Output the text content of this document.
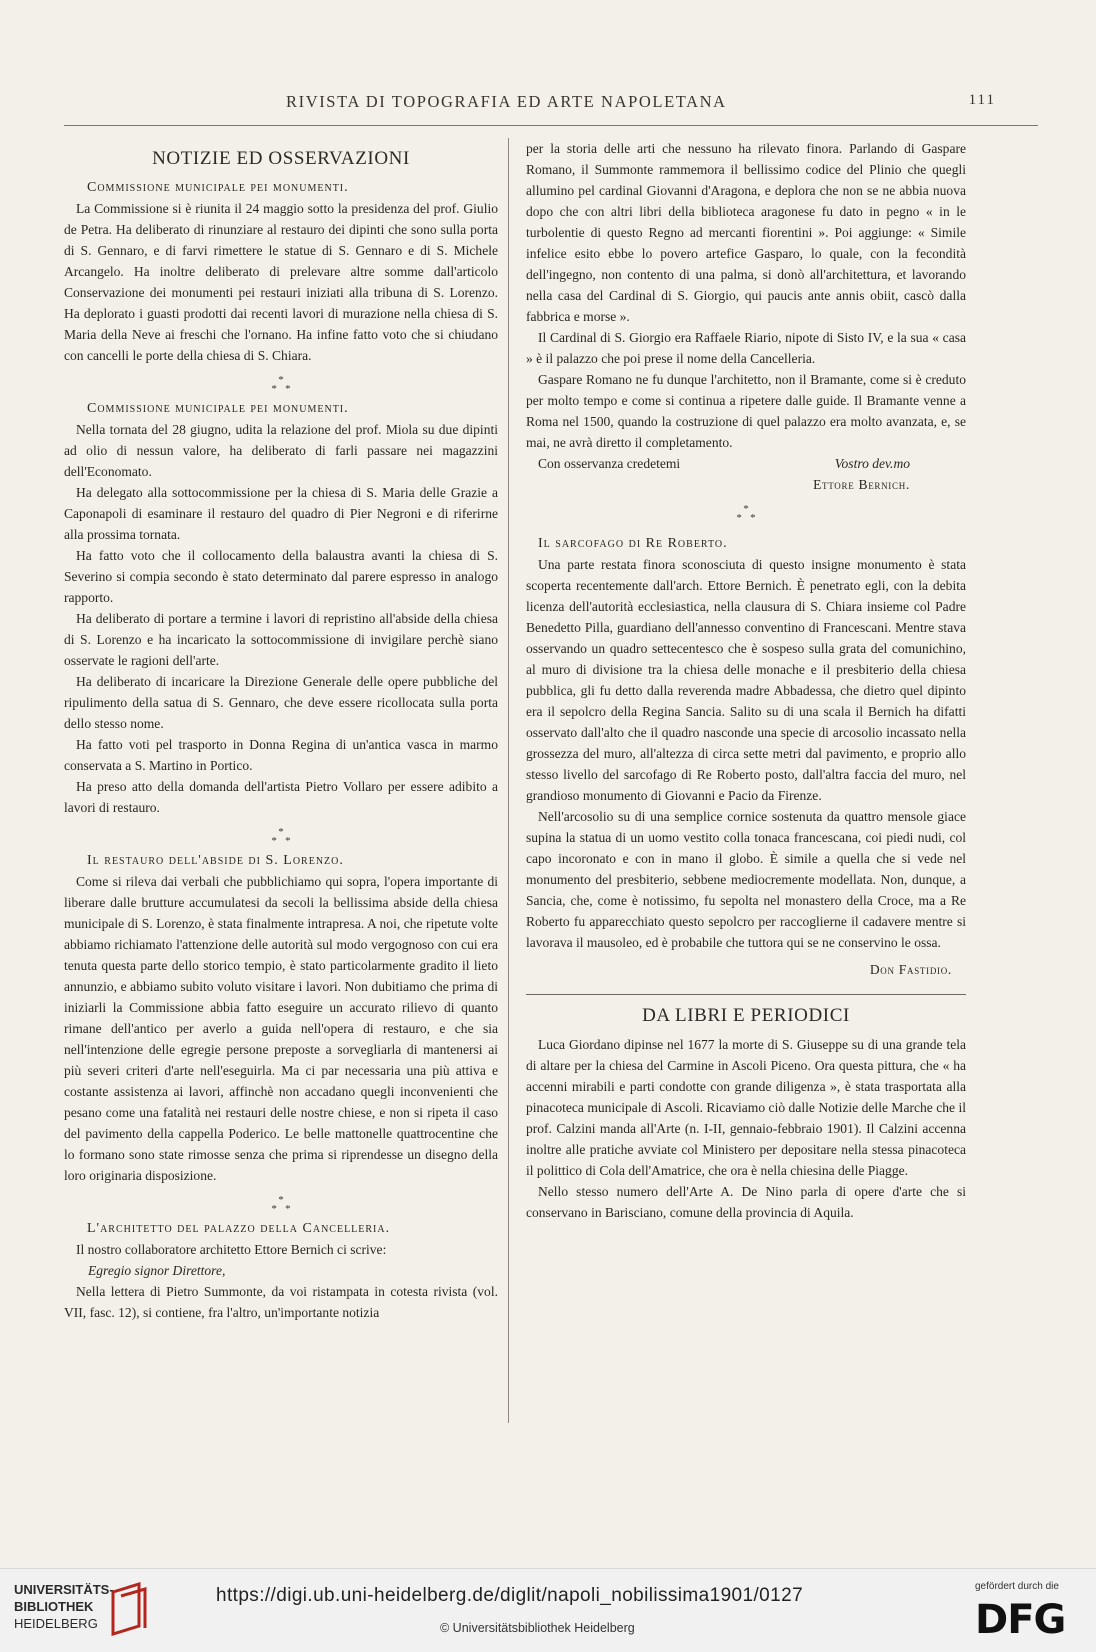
RIVISTA DI TOPOGRAFIA ED ARTE NAPOLETANA	111
NOTIZIE ED OSSERVAZIONI

Commissione municipale pei monumenti.

La Commissione si è riunita il 24 maggio sotto la presidenza del prof. Giulio de Petra. Ha deliberato di rinunziare al restauro dei dipinti che sono sulla porta di S. Gennaro, e di farvi rimettere le statue di S. Gennaro e di S. Michele Arcangelo. Ha inoltre deliberato di prelevare altre somme dall'articolo Conservazione dei monumenti pei restauri iniziati alla tribuna di S. Lorenzo. Ha deplorato i guasti prodotti dai recenti lavori di murazione nella chiesa di S. Maria della Neve ai freschi che l'ornano. Ha infine fatto voto che si chiudano con cancelli le porte della chiesa di S. Chiara.

*
* *

Commissione municipale pei monumenti.

Nella tornata del 28 giugno, udita la relazione del prof. Miola su due dipinti ad olio di nessun valore, ha deliberato di farli passare nei magazzini dell'Economato.

Ha delegato alla sottocommissione per la chiesa di S. Maria delle Grazie a Caponapoli di esaminare il restauro del quadro di Pier Negroni e di riferirne alla prossima tornata.

Ha fatto voto che il collocamento della balaustra avanti la chiesa di S. Severino si compia secondo è stato determinato dal parere espresso in analogo rapporto.

Ha deliberato di portare a termine i lavori di repristino all'abside della chiesa di S. Lorenzo e ha incaricato la sottocommissione di invigilare perchè siano osservate le ragioni dell'arte.

Ha deliberato di incaricare la Direzione Generale delle opere pubbliche del ripulimento della satua di S. Gennaro, che deve essere ricollocata sulla porta dello stesso nome.

Ha fatto voti pel trasporto in Donna Regina di un'antica vasca in marmo conservata a S. Martino in Portico.

Ha preso atto della domanda dell'artista Pietro Vollaro per essere adibito a lavori di restauro.

*
* *

Il restauro dell'abside di S. Lorenzo.

Come si rileva dai verbali che pubblichiamo qui sopra, l'opera importante di liberare dalle brutture accumulatesi da secoli la bellissima abside della chiesa municipale di S. Lorenzo, è stata finalmente intrapresa. A noi, che ripetute volte abbiamo richiamato l'attenzione delle autorità sul modo vergognoso con cui era tenuta questa parte dello storico tempio, è stato particolarmente gradito il lieto annunzio, e abbiamo subito voluto visitare i lavori. Non dubitiamo che prima di iniziarli la Commissione abbia fatto eseguire un accurato rilievo di quanto rimane dell'antico per averlo a guida nell'opera di restauro, e che sia nell'intenzione delle egregie persone preposte a sorvegliarla di mantenersi ai più severi criteri d'arte nell'eseguirla. Ma ci par necessaria una più attiva e costante assistenza ai lavori, affinchè non accadano quegli inconvenienti che pesano come una fatalità nei restauri delle nostre chiese, e non si ripeta il caso del pavimento della cappella Poderico. Le belle mattonelle quattrocentine che lo formano sono state rimosse senza che prima si riprendesse un disegno della loro originaria disposizione.

*
* *

L'architetto del palazzo della Cancelleria.

Il nostro collaboratore architetto Ettore Bernich ci scrive:

Egregio signor Direttore,

Nella lettera di Pietro Summonte, da voi ristampata in cotesta rivista (vol. VII, fasc. 12), si contiene, fra l'altro, un'importante notizia

per la storia delle arti che nessuno ha rilevato finora. Parlando di Gaspare Romano, il Summonte rammemora il bellissimo codice del Plinio che quegli allumino pel cardinal Giovanni d'Aragona, e deplora che non se ne abbia nuova dopo che con altri libri della biblioteca aragonese fu dato in pegno « in le turbolentie di questo Regno ad mercanti fiorentini ». Poi aggiunge: « Simile infelice esito ebbe lo povero artefice Gasparo, lo quale, con la fecondità dell'ingegno, non contento di una palma, si donò all'architettura, et lavorando nella casa del Cardinal di S. Giorgio, qui paucis ante annis obiit, cascò dalla fabbrica e morse ».

Il Cardinal di S. Giorgio era Raffaele Riario, nipote di Sisto IV, e la sua « casa » è il palazzo che poi prese il nome della Cancelleria.

Gaspare Romano ne fu dunque l'architetto, non il Bramante, come si è creduto per molto tempo e come si continua a ripetere dalle guide. Il Bramante venne a Roma nel 1500, quando la costruzione di quel palazzo era molto avanzata, e, se mai, ne avrà diretto il completamento.

Con osservanza credetemi	Vostro dev.mo
Ettore Bernich.
*
* *

Il sarcofago di Re Roberto.

Una parte restata finora sconosciuta di questo insigne monumento è stata scoperta recentemente dall'arch. Ettore Bernich. È penetrato egli, con la debita licenza dell'autorità ecclesiastica, nella clausura di S. Chiara insieme col Padre Benedetto Pilla, guardiano dell'annesso conventino di Francescani. Mentre stava osservando un quadro settecentesco che è sospeso sulla grata del comunichino, al muro di divisione tra la chiesa delle monache e il presbiterio della chiesa pubblica, gli fu detto dalla reverenda madre Abbadessa, che dietro quel dipinto era il sepolcro della Regina Sancia. Salito su di una scala il Bernich ha difatti osservato dall'alto che il quadro nasconde una specie di arcosolio incassato nella grossezza del muro, all'altezza di circa sette metri dal pavimento, e proprio allo stesso livello del sarcofago di Re Roberto posto, dall'altra faccia del muro, nel grandioso monumento di Giovanni e Pacio da Firenze.

Nell'arcosolio su di una semplice cornice sostenuta da quattro mensole giace supina la statua di un uomo vestito colla tonaca francescana, coi piedi nudi, col capo incoronato e con in mano il globo. È simile a quella che si vede nel monumento del presbiterio, sebbene mediocremente modellata. Non, dunque, a Sancia, che, come è notissimo, fu sepolta nel monastero della Croce, ma a Re Roberto fu apparecchiato questo sepolcro per raccoglierne il cadavere mentre si lavorava il mausoleo, ed è probabile che tuttora qui se ne conservino le ossa.

Don Fastidio.
DA LIBRI E PERIODICI

Luca Giordano dipinse nel 1677 la morte di S. Giuseppe su di una grande tela di altare per la chiesa del Carmine in Ascoli Piceno. Ora questa pittura, che « ha accenni mirabili e parti condotte con grande diligenza », è stata trasportata alla pinacoteca municipale di Ascoli. Ricaviamo ciò dalle Notizie delle Marche che il prof. Calzini manda all'Arte (n. I-II, gennaio-febbraio 1901). Il Calzini accenna inoltre alle pratiche avviate col Ministero per depositare nella stessa pinacoteca il polittico di Cola dell'Amatrice, che ora è nella chiesina delle Piagge.

Nello stesso numero dell'Arte A. De Nino parla di opere d'arte che si conservano in Barisciano, comune della provincia di Aquila.

UNIVERSITÄTS-
BIBLIOTHEK
HEIDELBERG
https://digi.ub.uni-heidelberg.de/diglit/napoli_nobilissima1901/0127
© Universitätsbibliothek Heidelberg
gefördert durch die
DFG
